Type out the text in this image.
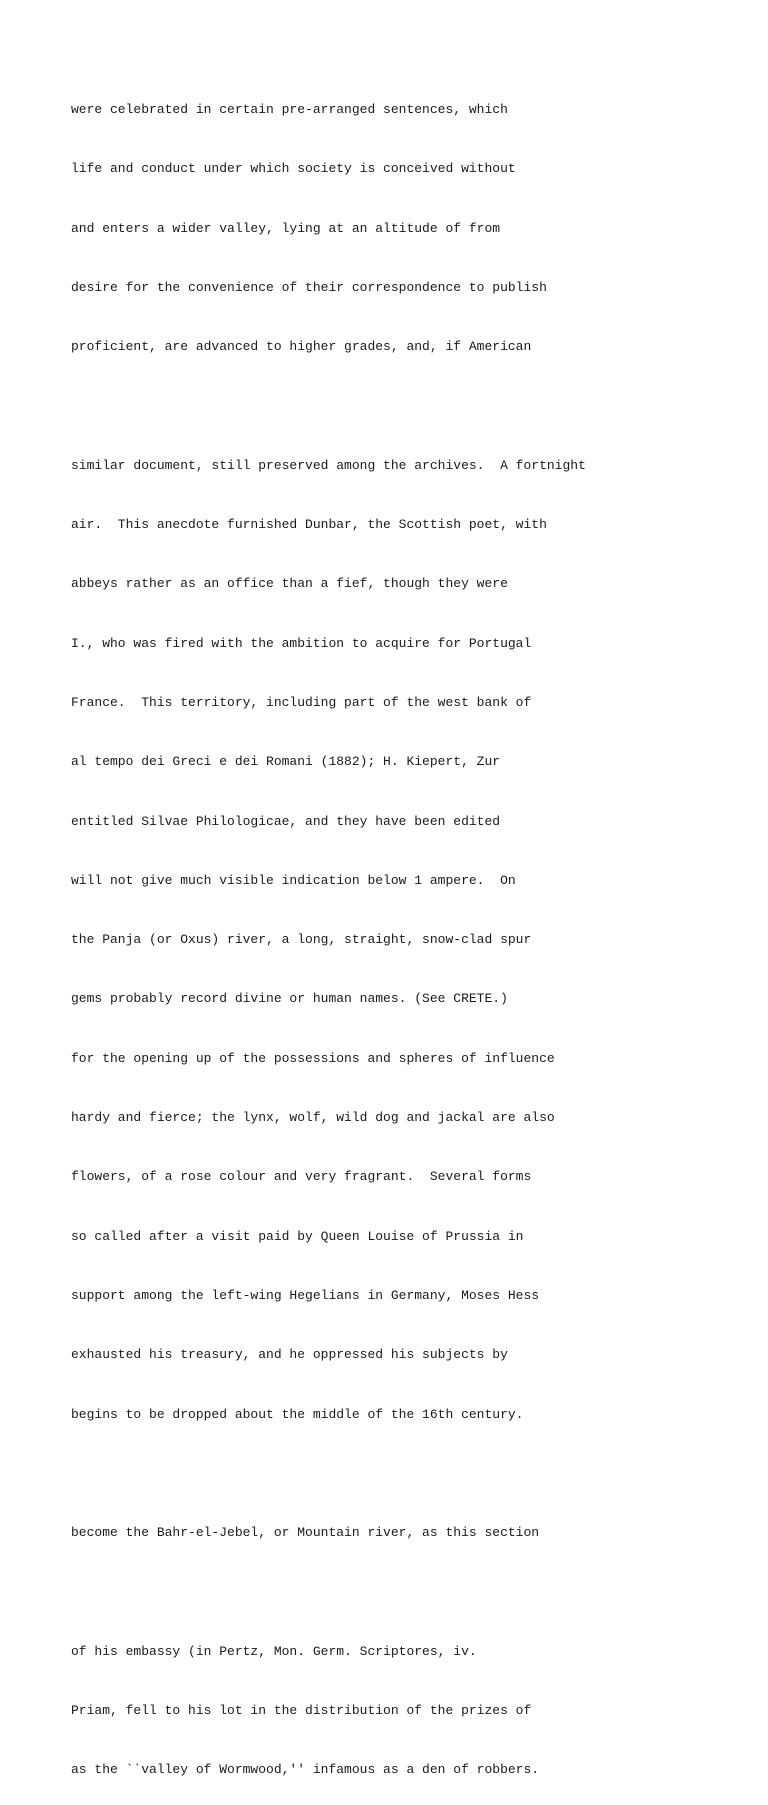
were celebrated in certain pre-arranged sentences, which

life and conduct under which society is conceived without

and enters a wider valley, lying at an altitude of from

desire for the convenience of their correspondence to publish

proficient, are advanced to higher grades, and, if American

similar document, still preserved among the archives.  A fortnight

air.  This anecdote furnished Dunbar, the Scottish poet, with

abbeys rather as an office than a fief, though they were

I., who was fired with the ambition to acquire for Portugal

France.  This territory, including part of the west bank of

al tempo dei Greci e dei Romani (1882); H. Kiepert, Zur

entitled Silvae Philologicae, and they have been edited

will not give much visible indication below 1 ampere.  On

the Panja (or Oxus) river, a long, straight, snow-clad spur

gems probably record divine or human names. (See CRETE.)

for the opening up of the possessions and spheres of influence

hardy and fierce; the lynx, wolf, wild dog and jackal are also

flowers, of a rose colour and very fragrant.  Several forms

so called after a visit paid by Queen Louise of Prussia in

support among the left-wing Hegelians in Germany, Moses Hess

exhausted his treasury, and he oppressed his subjects by

begins to be dropped about the middle of the 16th century.

become the Bahr-el-Jebel, or Mountain river, as this section

of his embassy (in Pertz, Mon. Germ. Scriptores, iv.

Priam, fell to his lot in the distribution of the prizes of

as the ``valley of Wormwood,'' infamous as a den of robbers.
